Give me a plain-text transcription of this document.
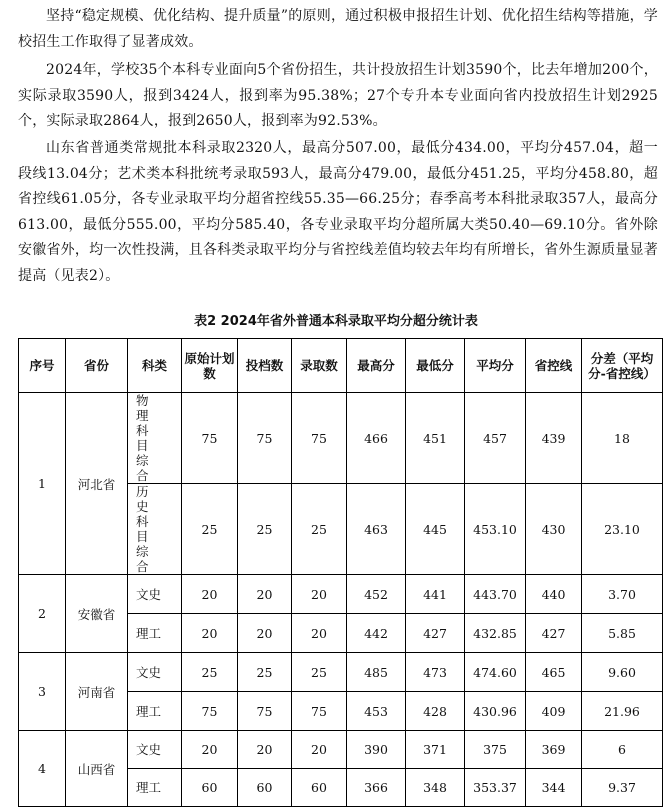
坚持“稳定规模、优化结构、提升质量”的原则，通过积极申报招生计划、优化招生结构等措施，学校招生工作取得了显著成效。

2024年，学校35个本科专业面向5个省份招生，共计投放招生计划3590个，比去年增加200个，实际录取3590人，报到3424人，报到率为95.38%；27个专升本专业面向省内投放招生计划2925个，实际录取2864人，报到2650人，报到率为92.53%。

山东省普通类常规批本科录取2320人，最高分507.00，最低分434.00，平均分457.04，超一段线13.04分；艺术类本科批统考录取593人，最高分479.00，最低分451.25，平均分458.80，超省控线61.05分，各专业录取平均分超省控线55.35—66.25分；春季高考本科批录取357人，最高分613.00，最低分555.00，平均分585.40，各专业录取平均分超所属大类50.40—69.10分。省外除安徽省外，均一次性投满，且各科类录取平均分与省控线差值均较去年均有所增长，省外生源质量显著提高（见表2）。

表2 2024年省外普通本科录取平均分超分统计表
序号	省份	科类	原始计划数	投档数	录取数	最高分	最低分	平均分	省控线	分差（平均分-省控线）
1	河北省	物理科目综合	75	75	75	466	451	457	439	18
		历史科目综合	25	25	25	463	445	453.10	430	23.10
2	安徽省	文史	20	20	20	452	441	443.70	440	3.70
		理工	20	20	20	442	427	432.85	427	5.85
3	河南省	文史	25	25	25	485	473	474.60	465	9.60
		理工	75	75	75	453	428	430.96	409	21.96
4	山西省	文史	20	20	20	390	371	375	369	6
		理工	60	60	60	366	348	353.37	344	9.37
